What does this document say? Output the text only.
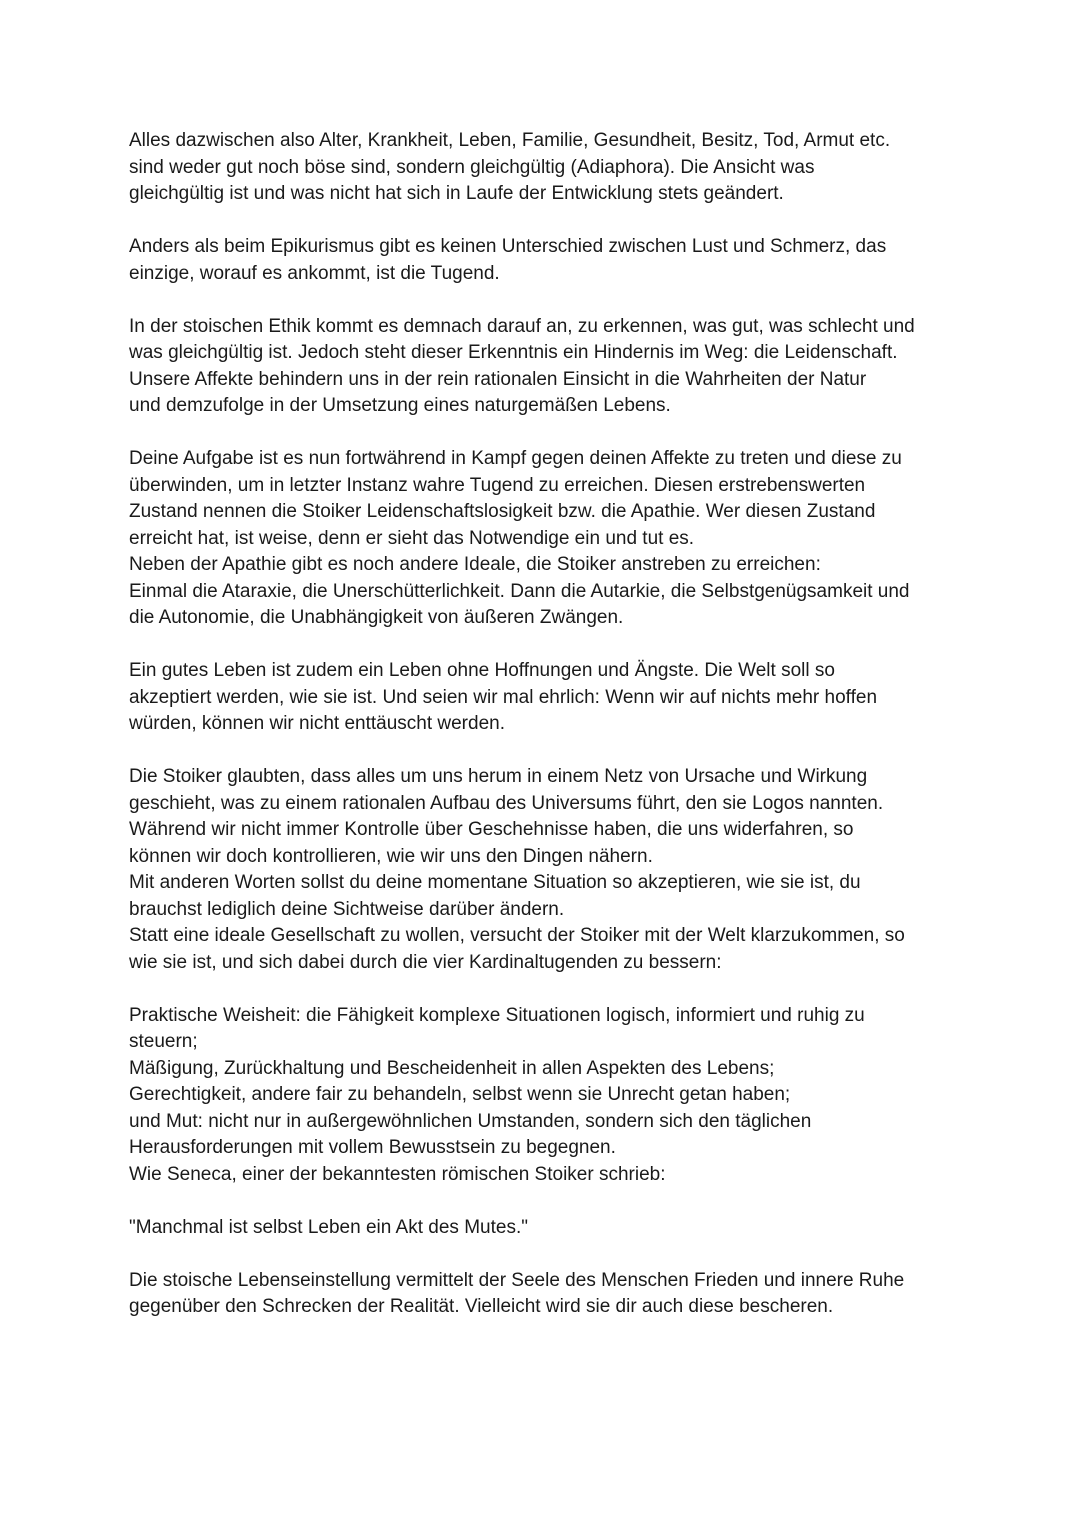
Alles dazwischen also Alter, Krankheit, Leben, Familie, Gesundheit, Besitz, Tod, Armut etc.
sind weder gut noch böse sind, sondern gleichgültig (Adiaphora). Die Ansicht was
gleichgültig ist und was nicht hat sich in Laufe der Entwicklung stets geändert.

Anders als beim Epikurismus gibt es keinen Unterschied zwischen Lust und Schmerz, das
einzige, worauf es ankommt, ist die Tugend.

In der stoischen Ethik kommt es demnach darauf an, zu erkennen, was gut, was schlecht und
was gleichgültig ist. Jedoch steht dieser Erkenntnis ein Hindernis im Weg: die Leidenschaft.
Unsere Affekte behindern uns in der rein rationalen Einsicht in die Wahrheiten der Natur
und demzufolge in der Umsetzung eines naturgemäßen Lebens.

Deine Aufgabe ist es nun fortwährend in Kampf gegen deinen Affekte zu treten und diese zu
überwinden, um in letzter Instanz wahre Tugend zu erreichen. Diesen erstrebenswerten
Zustand nennen die Stoiker Leidenschaftslosigkeit bzw. die Apathie. Wer diesen Zustand
erreicht hat, ist weise, denn er sieht das Notwendige ein und tut es.
Neben der Apathie gibt es noch andere Ideale, die Stoiker anstreben zu erreichen:
Einmal die Ataraxie, die Unerschütterlichkeit. Dann die Autarkie, die Selbstgenügsamkeit und
die Autonomie, die Unabhängigkeit von äußeren Zwängen.

Ein gutes Leben ist zudem ein Leben ohne Hoffnungen und Ängste. Die Welt soll so
akzeptiert werden, wie sie ist. Und seien wir mal ehrlich: Wenn wir auf nichts mehr hoffen
würden, können wir nicht enttäuscht werden.

Die Stoiker glaubten, dass alles um uns herum in einem Netz von Ursache und Wirkung
geschieht, was zu einem rationalen Aufbau des Universums führt, den sie Logos nannten.
Während wir nicht immer Kontrolle über Geschehnisse haben, die uns widerfahren, so
können wir doch kontrollieren, wie wir uns den Dingen nähern.
Mit anderen Worten sollst du deine momentane Situation so akzeptieren, wie sie ist, du
brauchst lediglich deine Sichtweise darüber ändern.
Statt eine ideale Gesellschaft zu wollen, versucht der Stoiker mit der Welt klarzukommen, so
wie sie ist, und sich dabei durch die vier Kardinaltugenden zu bessern:

Praktische Weisheit: die Fähigkeit komplexe Situationen logisch, informiert und ruhig zu
steuern;
Mäßigung, Zurückhaltung und Bescheidenheit in allen Aspekten des Lebens;
Gerechtigkeit, andere fair zu behandeln, selbst wenn sie Unrecht getan haben;
und Mut: nicht nur in außergewöhnlichen Umstanden, sondern sich den täglichen
Herausforderungen mit vollem Bewusstsein zu begegnen.
Wie Seneca, einer der bekanntesten römischen Stoiker schrieb:

"Manchmal ist selbst Leben ein Akt des Mutes."

Die stoische Lebenseinstellung vermittelt der Seele des Menschen Frieden und innere Ruhe
gegenüber den Schrecken der Realität. Vielleicht wird sie dir auch diese bescheren.
